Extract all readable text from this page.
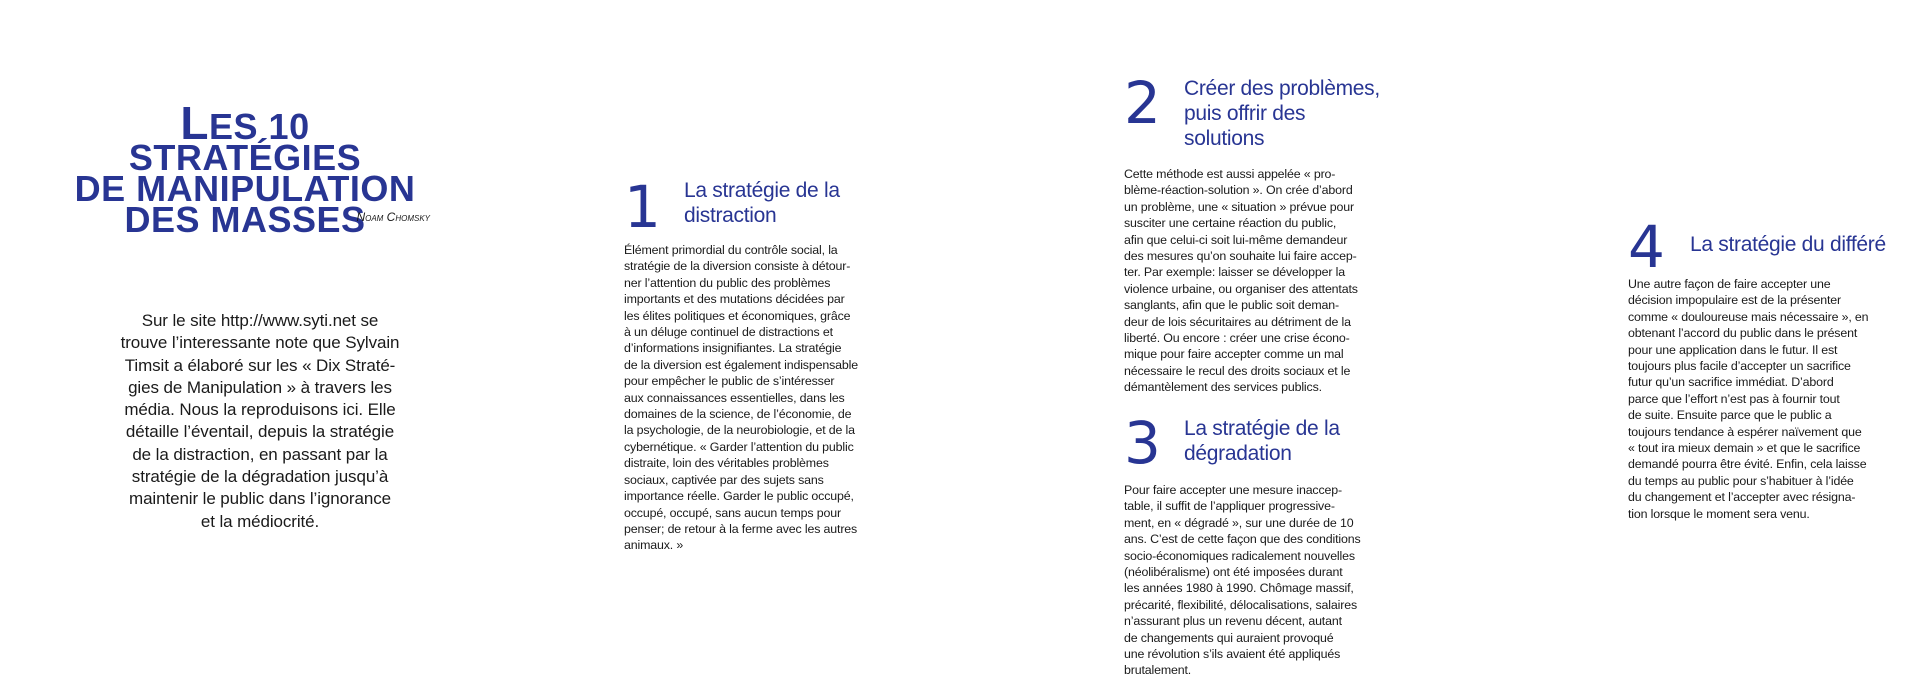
LES 10 STRATÉGIES
DE MANIPULATION
DES MASSES
Noam Chomsky
Sur le site http://www.syti.net se
trouve l’interessante note que Sylvain
Timsit a élaboré sur les « Dix Straté-
gies de Manipulation » à travers les
média. Nous la reproduisons ici. Elle
détaille l’éventail, depuis la stratégie
de la distraction, en passant par la
stratégie de la dégradation jusqu’à
maintenir le public dans l’ignorance
et la médiocrité.
1 La stratégie de la
distraction
Élément primordial du contrôle social, la
stratégie de la diversion consiste à détour-
ner l’attention du public des problèmes
importants et des mutations décidées par
les élites politiques et économiques, grâce
à un déluge continuel de distractions et
d’informations insignifiantes. La stratégie
de la diversion est également indispensable
pour empêcher le public de s’intéresser
aux connaissances essentielles, dans les
domaines de la science, de l’économie, de
la psychologie, de la neurobiologie, et de la
cybernétique. « Garder l’attention du public
distraite, loin des véritables problèmes
sociaux, captivée par des sujets sans
importance réelle. Garder le public occupé,
occupé, occupé, sans aucun temps pour
penser; de retour à la ferme avec les autres
animaux. »
2 Créer des problèmes,
puis offrir des
solutions
Cette méthode est aussi appelée « pro-
blème-réaction-solution ». On crée d’abord
un problème, une « situation » prévue pour
susciter une certaine réaction du public,
afin que celui-ci soit lui-même demandeur
des mesures qu’on souhaite lui faire accep-
ter. Par exemple: laisser se développer la
violence urbaine, ou organiser des attentats
sanglants, afin que le public soit deman-
deur de lois sécuritaires au détriment de la
liberté. Ou encore : créer une crise écono-
mique pour faire accepter comme un mal
nécessaire le recul des droits sociaux et le
démantèlement des services publics.
3 La stratégie de la
dégradation
Pour faire accepter une mesure inaccep-
table, il suffit de l’appliquer progressive-
ment, en « dégradé », sur une durée de 10
ans. C’est de cette façon que des conditions
socio-économiques radicalement nouvelles
(néolibéralisme) ont été imposées durant
les années 1980 à 1990. Chômage massif,
précarité, flexibilité, délocalisations, salaires
n’assurant plus un revenu décent, autant
de changements qui auraient provoqué
une révolution s’ils avaient été appliqués
brutalement.
4 La stratégie du différé
Une autre façon de faire accepter une
décision impopulaire est de la présenter
comme « douloureuse mais nécessaire », en
obtenant l’accord du public dans le présent
pour une application dans le futur. Il est
toujours plus facile d’accepter un sacrifice
futur qu’un sacrifice immédiat. D’abord
parce que l’effort n’est pas à fournir tout
de suite. Ensuite parce que le public a
toujours tendance à espérer naïvement que
« tout ira mieux demain » et que le sacrifice
demandé pourra être évité. Enfin, cela laisse
du temps au public pour s’habituer à l’idée
du changement et l’accepter avec résigna-
tion lorsque le moment sera venu.
